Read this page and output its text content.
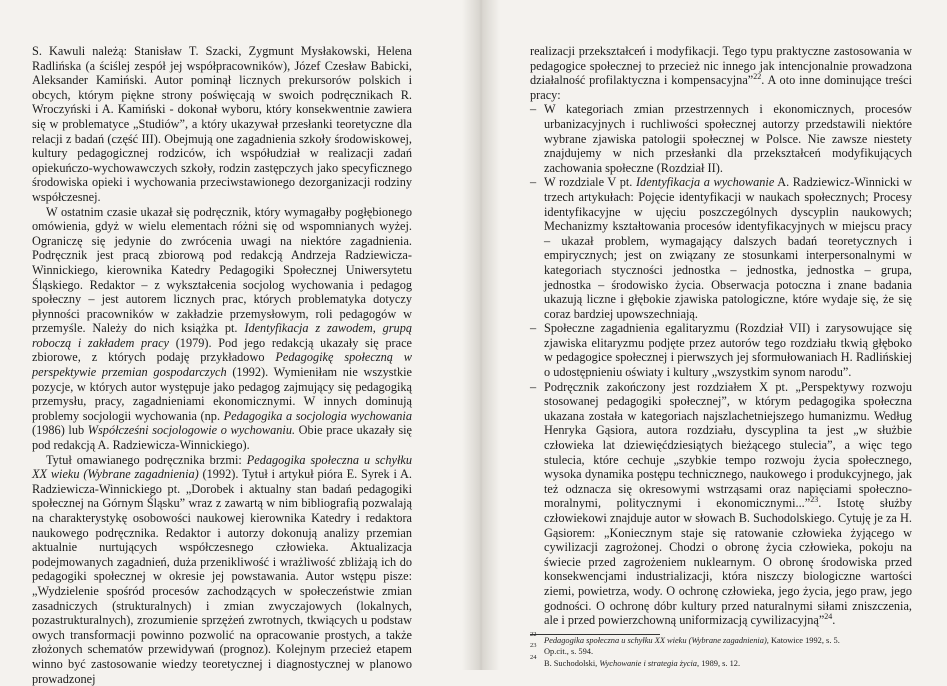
S. Kawuli należą: Stanisław T. Szacki, Zygmunt Mysłakowski, Helena Radlińska (a ściślej zespół jej współpracowników), Józef Czesław Babicki, Aleksander Kamiński. Autor pominął licznych prekursorów polskich i obcych, którym piękne strony poświęcają w swoich podręcznikach R. Wroczyński i A. Kamiński - dokonał wyboru, który konsekwentnie zawiera się w problematyce „Studiów”, a który ukazywał przesłanki teoretyczne dla relacji z badań (część III). Obejmują one zagadnienia szkoły środowiskowej, kultury pedagogicznej rodziców, ich współudział w realizacji zadań opiekuńczo-wychowawczych szkoły, rodzin zastępczych jako specyficznego środowiska opieki i wychowania przeciwstawionego dezorganizacji rodziny współczesnej.

W ostatnim czasie ukazał się podręcznik, który wymagałby pogłębionego omówienia, gdyż w wielu elementach różni się od wspomnianych wyżej. Ograniczę się jedynie do zwrócenia uwagi na niektóre zagadnienia. Podręcznik jest pracą zbiorową pod redakcją Andrzeja Radziewicza-Winnickiego, kierownika Katedry Pedagogiki Społecznej Uniwersytetu Śląskiego. Redaktor – z wykształcenia socjolog wychowania i pedagog społeczny – jest autorem licznych prac, których problematyka dotyczy płynności pracowników w zakładzie przemysłowym, roli pedagogów w przemyśle. Należy do nich książka pt. Identyfikacja z zawodem, grupą roboczą i zakładem pracy (1979). Pod jego redakcją ukazały się prace zbiorowe, z których podaję przykładowo Pedagogikę społeczną w perspektywie przemian gospodarczych (1992). Wymieniłam nie wszystkie pozycje, w których autor występuje jako pedagog zajmujący się pedagogiką przemysłu, pracy, zagadnieniami ekonomicznymi. W innych dominują problemy socjologii wychowania (np. Pedagogika a socjologia wychowania (1986) lub Współcześni socjologowie o wychowaniu. Obie prace ukazały się pod redakcją A. Radziewicza-Winnickiego).

Tytuł omawianego podręcznika brzmi: Pedagogika społeczna u schyłku XX wieku (Wybrane zagadnienia) (1992). Tytuł i artykuł pióra E. Syrek i A. Radziewicza-Winnickiego pt. „Dorobek i aktualny stan badań pedagogiki społecznej na Górnym Śląsku” wraz z zawartą w nim bibliografią pozwalają na charakterystykę osobowości naukowej kierownika Katedry i redaktora naukowego podręcznika. Redaktor i autorzy dokonują analizy przemian aktualnie nurtujących współczesnego człowieka. Aktualizacja podejmowanych zagadnień, duża przenikliwość i wrażliwość zbliżają ich do pedagogiki społecznej w okresie jej powstawania. Autor wstępu pisze: „Wydzielenie spośród procesów zachodzących w społeczeństwie zmian zasadniczych (strukturalnych) i zmian zwyczajowych (lokalnych, pozastrukturalnych), zrozumienie sprzężeń zwrotnych, tkwiących u podstaw owych transformacji powinno pozwolić na opracowanie prostych, a także złożonych schematów przewidywań (prognoz). Kolejnym przecież etapem winno być zastosowanie wiedzy teoretycznej i diagnostycznej w planowo prowadzonej

realizacji przekształceń i modyfikacji. Tego typu praktyczne zastosowania w pedagogice społecznej to przecież nic innego jak intencjonalnie prowadzona działalność profilaktyczna i kompensacyjna”$^{22}$. A oto inne dominujące treści pracy:

– W kategoriach zmian przestrzennych i ekonomicznych, procesów urbanizacyjnych i ruchliwości społecznej autorzy przedstawili niektóre wybrane zjawiska patologii społecznej w Polsce. Nie zawsze niestety znajdujemy w nich przesłanki dla przekształceń modyfikujących zachowania społeczne (Rozdział II).
– W rozdziale V pt. Identyfikacja a wychowanie A. Radziewicz-Winnicki w trzech artykułach: Pojęcie identyfikacji w naukach społecznych; Procesy identyfikacyjne w ujęciu poszczególnych dyscyplin naukowych; Mechanizmy kształtowania procesów identyfikacyjnych w miejscu pracy – ukazał problem, wymagający dalszych badań teoretycznych i empirycznych; jest on związany ze stosunkami interpersonalnymi w kategoriach styczności jednostka – jednostka, jednostka – grupa, jednostka – środowisko życia. Obserwacja potoczna i znane badania ukazują liczne i głębokie zjawiska patologiczne, które wydaje się, że się coraz bardziej upowszechniają.
– Społeczne zagadnienia egalitaryzmu (Rozdział VII) i zarysowujące się zjawiska elitaryzmu podjęte przez autorów tego rozdziału tkwią głęboko w pedagogice społecznej i pierwszych jej sformułowaniach H. Radlińskiej o udostępnieniu oświaty i kultury „wszystkim synom narodu”.
– Podręcznik zakończony jest rozdziałem X pt. „Perspektywy rozwoju stosowanej pedagogiki społecznej”, w którym pedagogika społeczna ukazana została w kategoriach najszlachetniejszego humanizmu. Według Henryka Gąsiora, autora rozdziału, dyscyplina ta jest „w służbie człowieka lat dziewięćdziesiątych bieżącego stulecia”, a więc tego stulecia, które cechuje „szybkie tempo rozwoju życia społecznego, wysoka dynamika postępu technicznego, naukowego i produkcyjnego, jak też odznacza się okresowymi wstrząsami oraz napięciami społeczno-moralnymi, politycznymi i ekonomicznymi...”$^{23}$. Istotę służby człowiekowi znajduje autor w słowach B. Suchodolskiego. Cytuję je za H. Gąsiorem: „Koniecznym staje się ratowanie człowieka żyjącego w cywilizacji zagrożonej. Chodzi o obronę życia człowieka, pokoju na świecie przed zagrożeniem nuklearnym. O obronę środowiska przed konsekwencjami industrializacji, która niszczy biologiczne wartości ziemi, powietrza, wody. O ochronę człowieka, jego życia, jego praw, jego godności. O ochronę dóbr kultury przed naturalnymi siłami zniszczenia, ale i przed powierzchowną uniformizacją cywilizacyjną”$^{24}$.
22
Pedagogika społeczna u schyłku XX wieku (Wybrane zagadnienia), Katowice 1992, s. 5.
23
Op.cit., s. 594.
24
B. Suchodolski, Wychowanie i strategia życia, 1989, s. 12.
